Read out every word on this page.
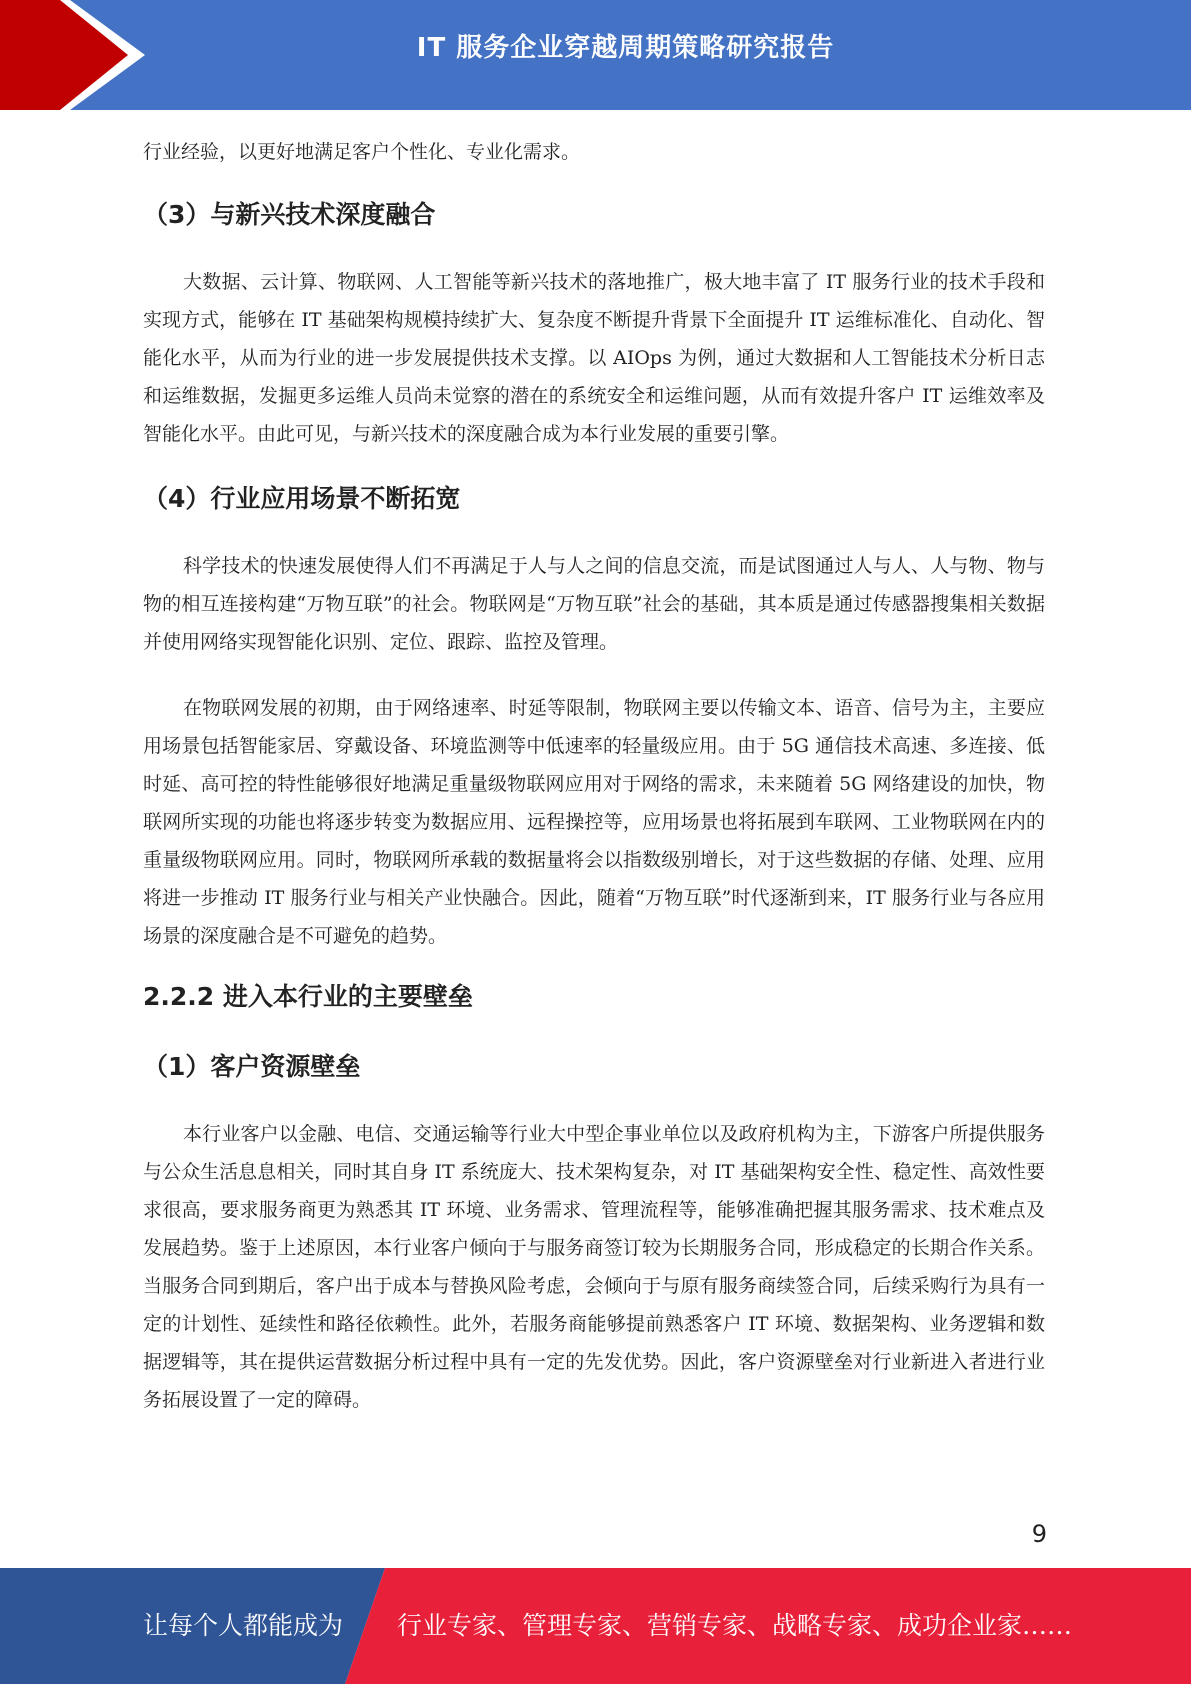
IT 服务企业穿越周期策略研究报告

行业经验，以更好地满足客户个性化、专业化需求。

（3）与新兴技术深度融合

大数据、云计算、物联网、人工智能等新兴技术的落地推广，极大地丰富了 IT 服务行业的技术手段和实现方式，能够在 IT 基础架构规模持续扩大、复杂度不断提升背景下全面提升 IT 运维标准化、自动化、智能化水平，从而为行业的进一步发展提供技术支撑。以 AIOps 为例，通过大数据和人工智能技术分析日志和运维数据，发掘更多运维人员尚未觉察的潜在的系统安全和运维问题，从而有效提升客户 IT 运维效率及智能化水平。由此可见，与新兴技术的深度融合成为本行业发展的重要引擎。

（4）行业应用场景不断拓宽

科学技术的快速发展使得人们不再满足于人与人之间的信息交流，而是试图通过人与人、人与物、物与物的相互连接构建“万物互联”的社会。物联网是“万物互联”社会的基础，其本质是通过传感器搜集相关数据并使用网络实现智能化识别、定位、跟踪、监控及管理。

在物联网发展的初期，由于网络速率、时延等限制，物联网主要以传输文本、语音、信号为主，主要应用场景包括智能家居、穿戴设备、环境监测等中低速率的轻量级应用。由于 5G 通信技术高速、多连接、低时延、高可控的特性能够很好地满足重量级物联网应用对于网络的需求，未来随着 5G 网络建设的加快，物联网所实现的功能也将逐步转变为数据应用、远程操控等，应用场景也将拓展到车联网、工业物联网在内的重量级物联网应用。同时，物联网所承载的数据量将会以指数级别增长，对于这些数据的存储、处理、应用将进一步推动 IT 服务行业与相关产业快融合。因此，随着“万物互联”时代逐渐到来，IT 服务行业与各应用场景的深度融合是不可避免的趋势。

2.2.2 进入本行业的主要壁垒
（1）客户资源壁垒

本行业客户以金融、电信、交通运输等行业大中型企事业单位以及政府机构为主，下游客户所提供服务与公众生活息息相关，同时其自身 IT 系统庞大、技术架构复杂，对 IT 基础架构安全性、稳定性、高效性要求很高，要求服务商更为熟悉其 IT 环境、业务需求、管理流程等，能够准确把握其服务需求、技术难点及发展趋势。鉴于上述原因，本行业客户倾向于与服务商签订较为长期服务合同，形成稳定的长期合作关系。当服务合同到期后，客户出于成本与替换风险考虑，会倾向于与原有服务商续签合同，后续采购行为具有一定的计划性、延续性和路径依赖性。此外，若服务商能够提前熟悉客户 IT 环境、数据架构、业务逻辑和数据逻辑等，其在提供运营数据分析过程中具有一定的先发优势。因此，客户资源壁垒对行业新进入者进行业务拓展设置了一定的障碍。

9
让每个人都能成为 行业专家、管理专家、营销专家、战略专家、成功企业家……
